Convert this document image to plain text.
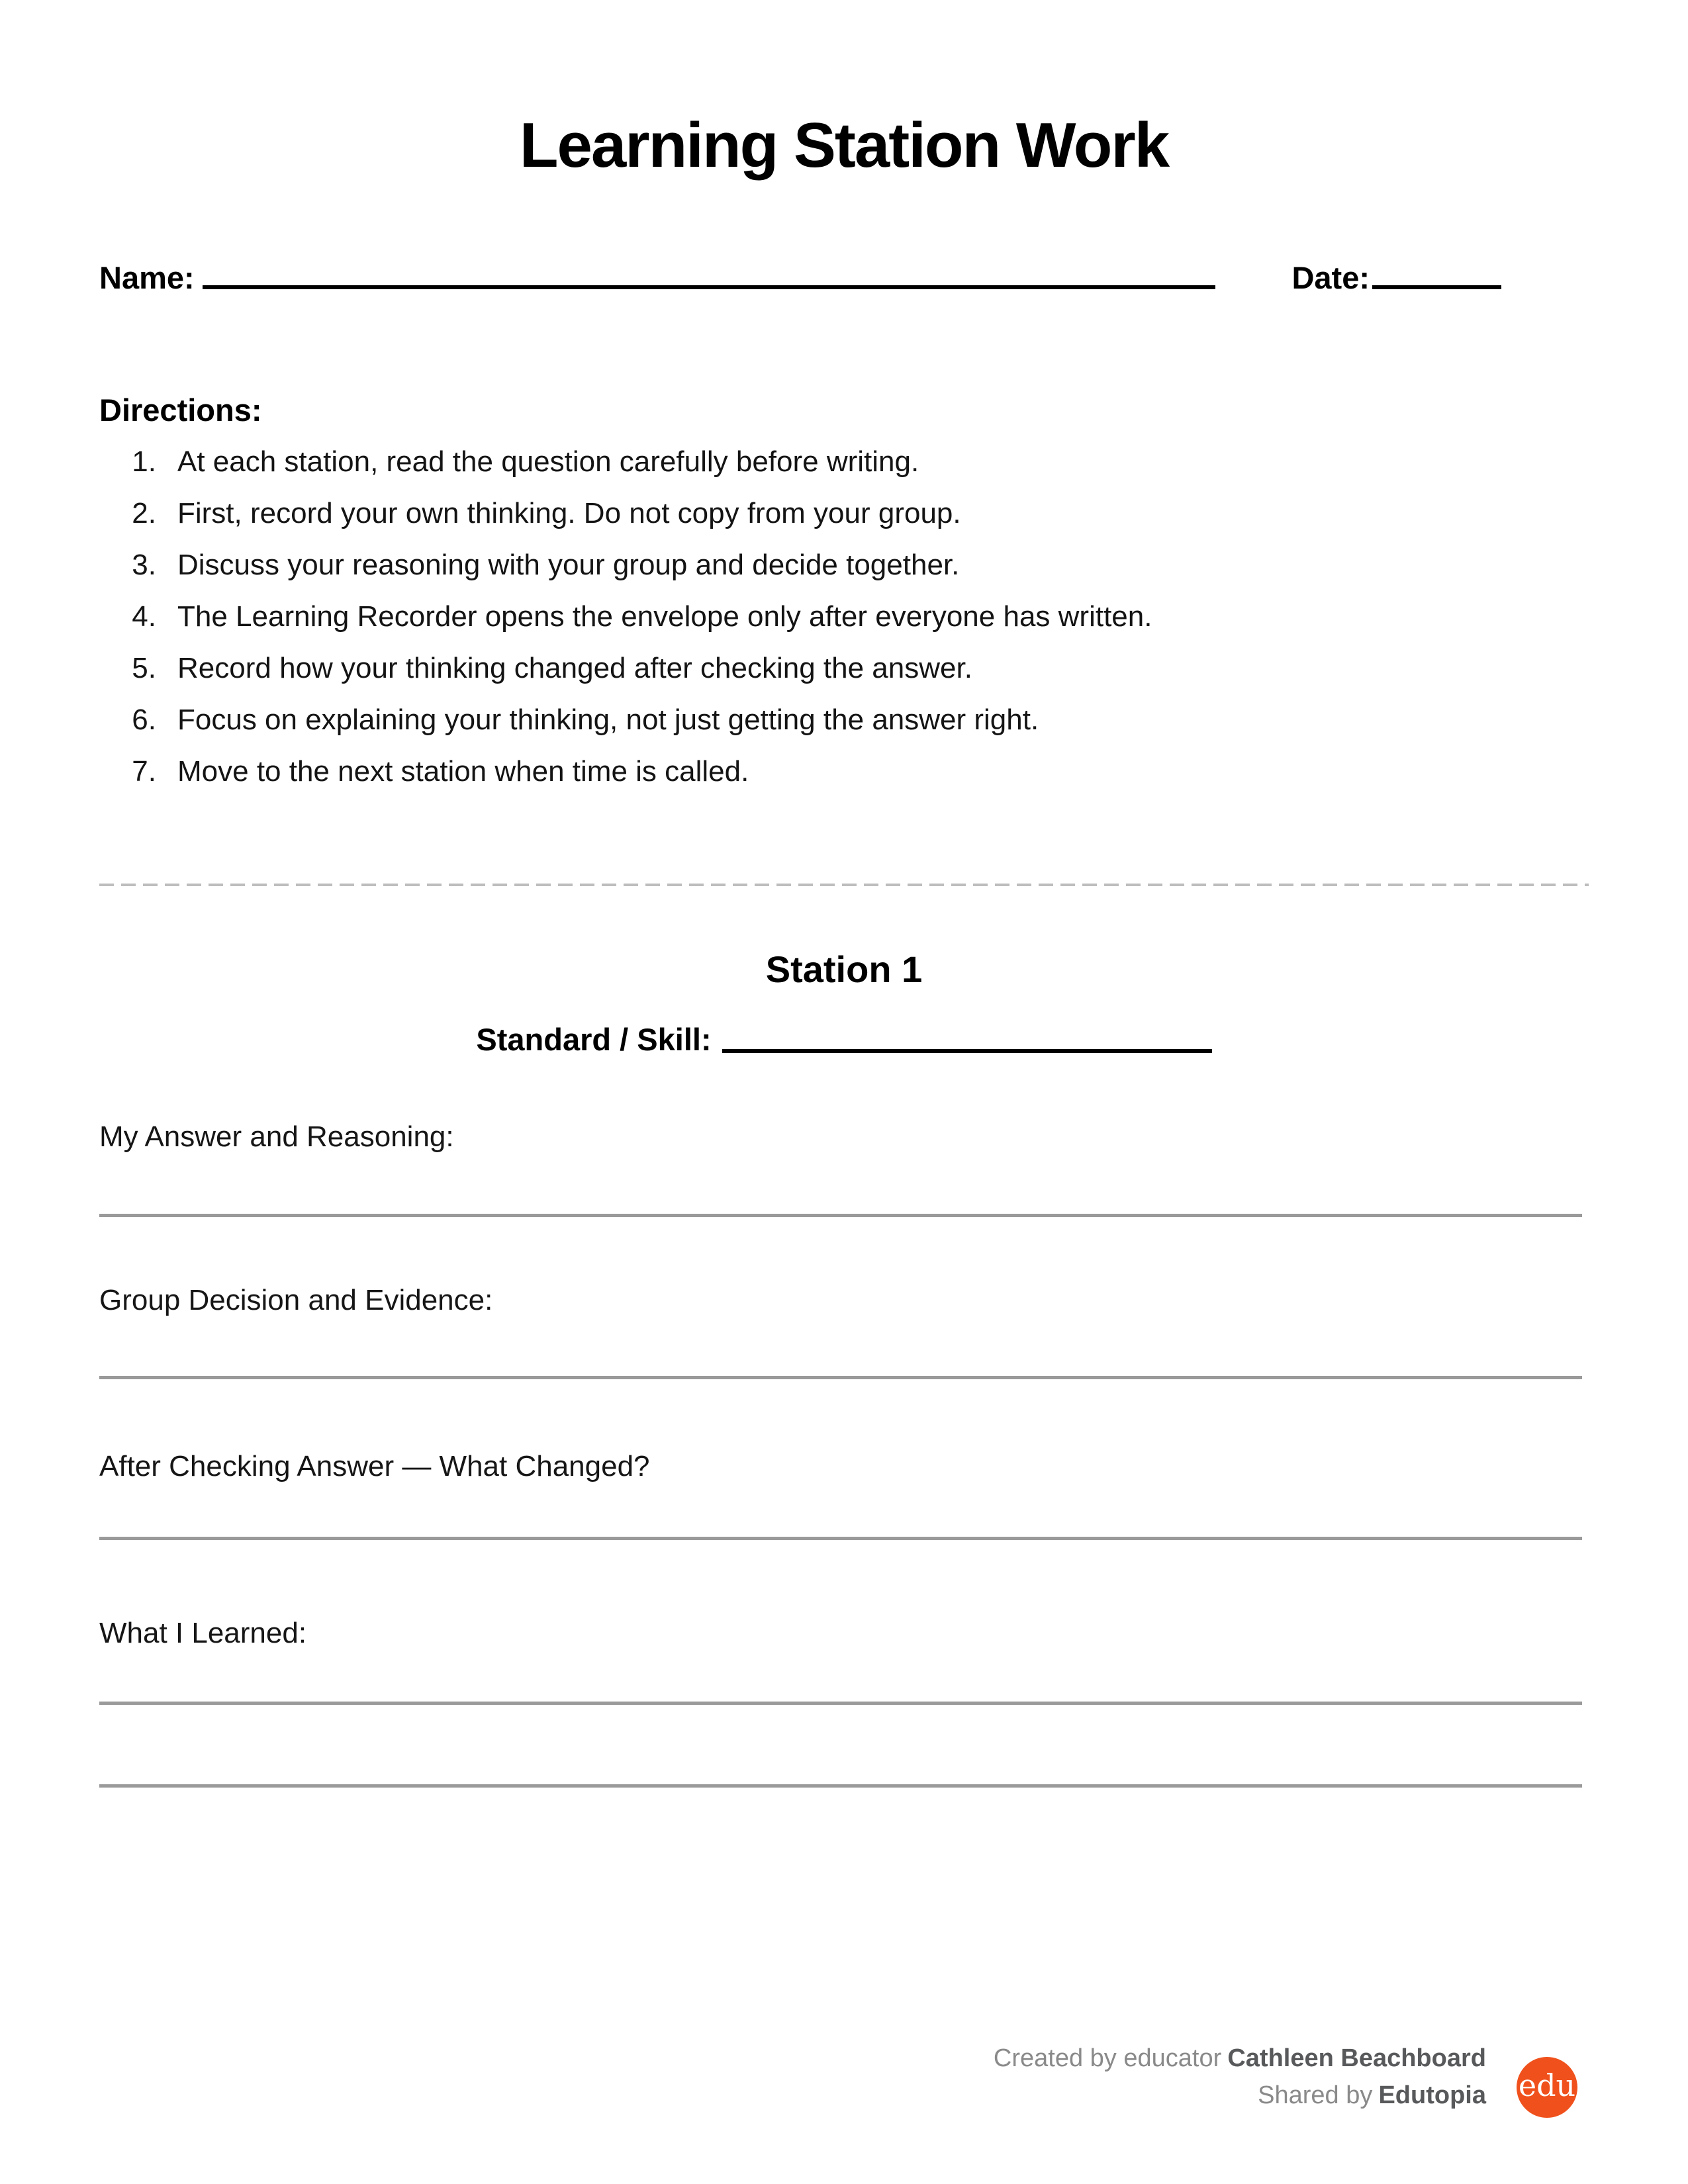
Learning Station Work
Name:	Date:
Directions:
1. At each station, read the question carefully before writing.
2. First, record your own thinking. Do not copy from your group.
3. Discuss your reasoning with your group and decide together.
4. The Learning Recorder opens the envelope only after everyone has written.
5. Record how your thinking changed after checking the answer.
6. Focus on explaining your thinking, not just getting the answer right.
7. Move to the next station when time is called.
Station 1
Standard / Skill:
My Answer and Reasoning:
Group Decision and Evidence:
After Checking Answer — What Changed?
What I Learned:
Created by educator Cathleen Beachboard
Shared by Edutopia edu
